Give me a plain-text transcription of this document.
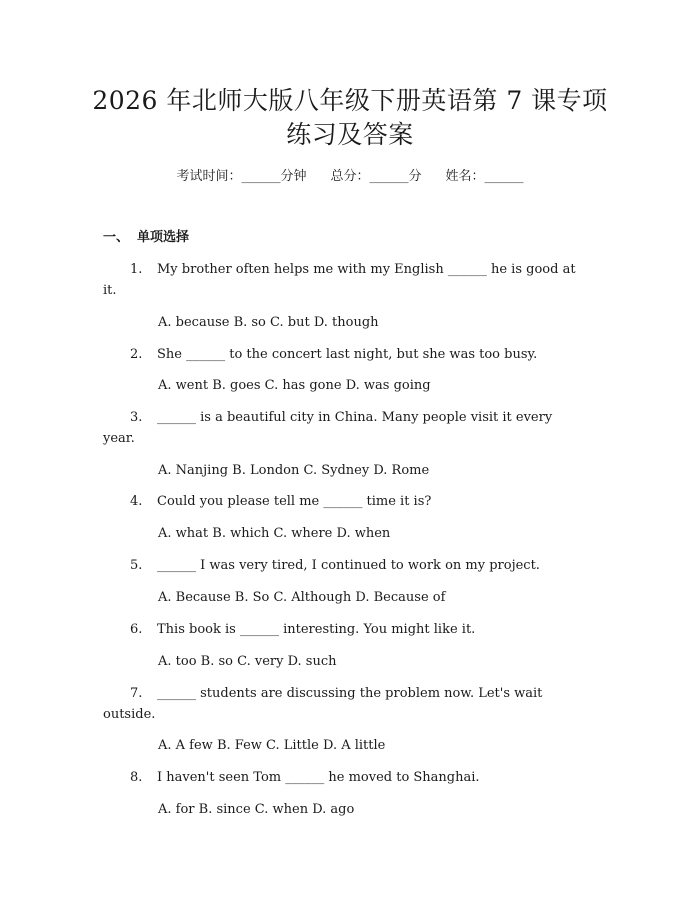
2026 年北师大版八年级下册英语第 7 课专项
练习及答案
考试时间：______分钟 总分：______分 姓名：______
一、 单项选择
1. My brother often helps me with my English ______ he is good at
it.
A. because B. so C. but D. though
2. She ______ to the concert last night, but she was too busy.
A. went B. goes C. has gone D. was going
3. ______ is a beautiful city in China. Many people visit it every
year.
A. Nanjing B. London C. Sydney D. Rome
4. Could you please tell me ______ time it is?
A. what B. which C. where D. when
5. ______ I was very tired, I continued to work on my project.
A. Because B. So C. Although D. Because of
6. This book is ______ interesting. You might like it.
A. too B. so C. very D. such
7. ______ students are discussing the problem now. Let's wait
outside.
A. A few B. Few C. Little D. A little
8. I haven't seen Tom ______ he moved to Shanghai.
A. for B. since C. when D. ago
